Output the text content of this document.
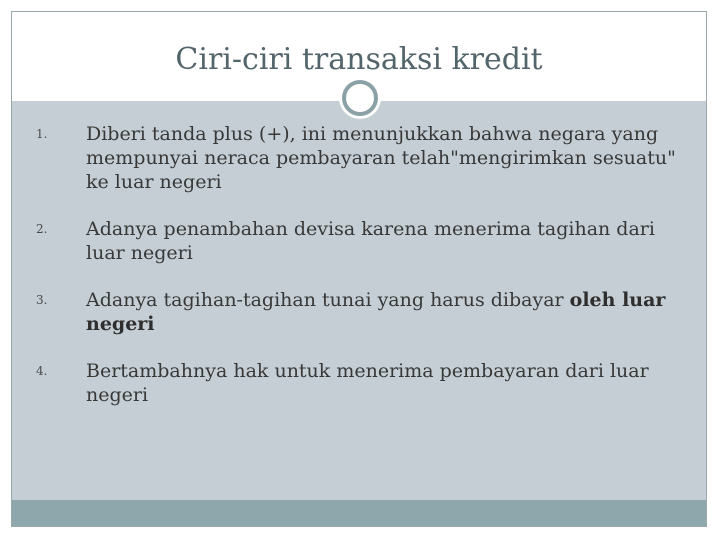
Ciri-ciri transaksi kredit
1. Diberi tanda plus (+), ini menunjukkan bahwa negara yang mempunyai neraca pembayaran telah"mengirimkan sesuatu" ke luar negeri
2. Adanya penambahan devisa karena menerima tagihan dari luar negeri
3. Adanya tagihan-tagihan tunai yang harus dibayar oleh luar negeri
4. Bertambahnya hak untuk menerima pembayaran dari luar negeri
